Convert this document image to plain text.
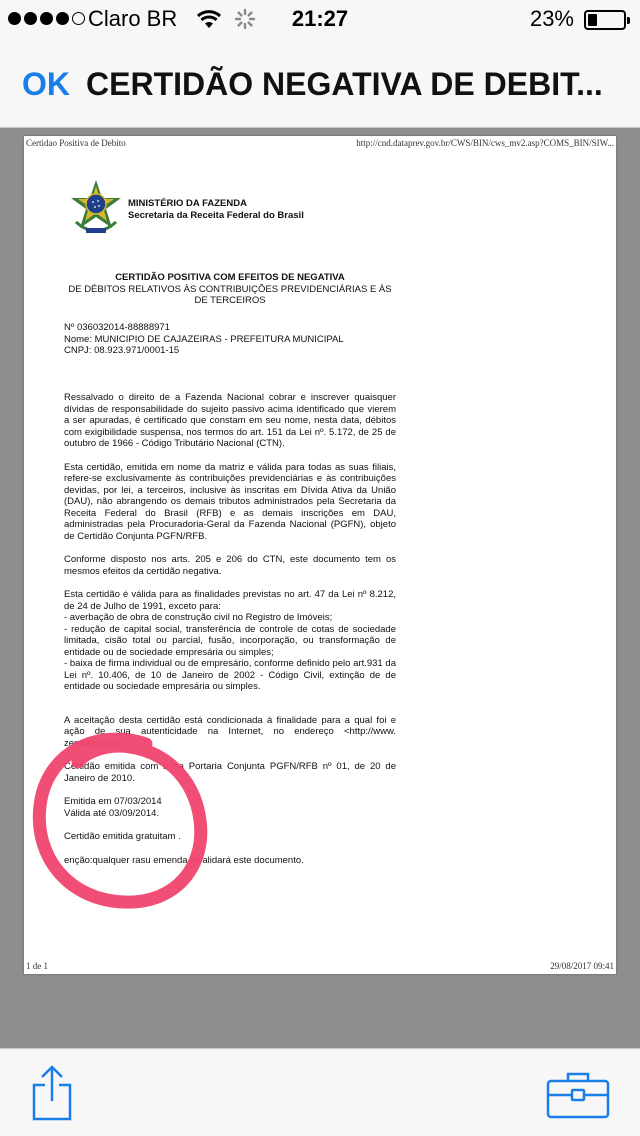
Claro BR	21:27	23%
OK CERTIDÃO NEGATIVA DE DEBIT...
Certidao Positiva de Debito	http://cnd.dataprev.gov.br/CWS/BIN/cws_mv2.asp?COMS_BIN/SIW...
MINISTÉRIO DA FAZENDA
Secretaria da Receita Federal do Brasil
CERTIDÃO POSITIVA COM EFEITOS DE NEGATIVA
DE DÉBITOS RELATIVOS ÀS CONTRIBUIÇÕES PREVIDENCIÁRIAS E ÀS
DE TERCEIROS
Nº 036032014-88888971
Nome: MUNICIPIO DE CAJAZEIRAS - PREFEITURA MUNICIPAL
CNPJ: 08.923.971/0001-15

Ressalvado o direito de a Fazenda Nacional cobrar e inscrever quaisquer dívidas de responsabilidade do sujeito passivo acima identificado que vierem a ser apuradas, é certificado que constam em seu nome, nesta data, débitos com exigibilidade suspensa, nos termos do art. 151 da Lei nº. 5.172, de 25 de outubro de 1966 - Código Tributário Nacional (CTN).

Esta certidão, emitida em nome da matriz e válida para todas as suas filiais, refere-se exclusivamente às contribuições previdenciárias e às contribuições devidas, por lei, a terceiros, inclusive às inscritas em Dívida Ativa da União (DAU), não abrangendo os demais tributos administrados pela Secretaria da Receita Federal do Brasil (RFB) e as demais inscrições em DAU, administradas pela Procuradoria-Geral da Fazenda Nacional (PGFN), objeto de Certidão Conjunta PGFN/RFB.

Conforme disposto nos arts. 205 e 206 do CTN, este documento tem os mesmos efeitos da certidão negativa.

Esta certidão é válida para as finalidades previstas no art. 47 da Lei nº 8.212, de 24 de Julho de 1991, exceto para:
- averbação de obra de construção civil no Registro de Imóveis;
- redução de capital social, transferência de controle de cotas de sociedade limitada, cisão total ou parcial, fusão, incorporação, ou transformação de entidade ou de sociedade empresária ou simples;
- baixa de firma individual ou de empresário, conforme definido pelo art.931 da Lei nº. 10.406, de 10 de Janeiro de 2002 - Código Civil, extinção de de entidade ou sociedade empresária ou simples.

A aceitação desta certidão está condicionada à finalidade para a qual foi e ação de sua autenticidade na Internet, no endereço <http://www. zenda.gov.br>

Certidão emitida com b na Portaria Conjunta PGFN/RFB nº 01, de 20 de Janeiro de 2010.

Emitida em 07/03/2014
Válida até 03/09/2014.

Certidão emitida gratuitam .

enção:qualquer rasu emenda invalidará este documento.

1 de 1	29/08/2017 09:41
